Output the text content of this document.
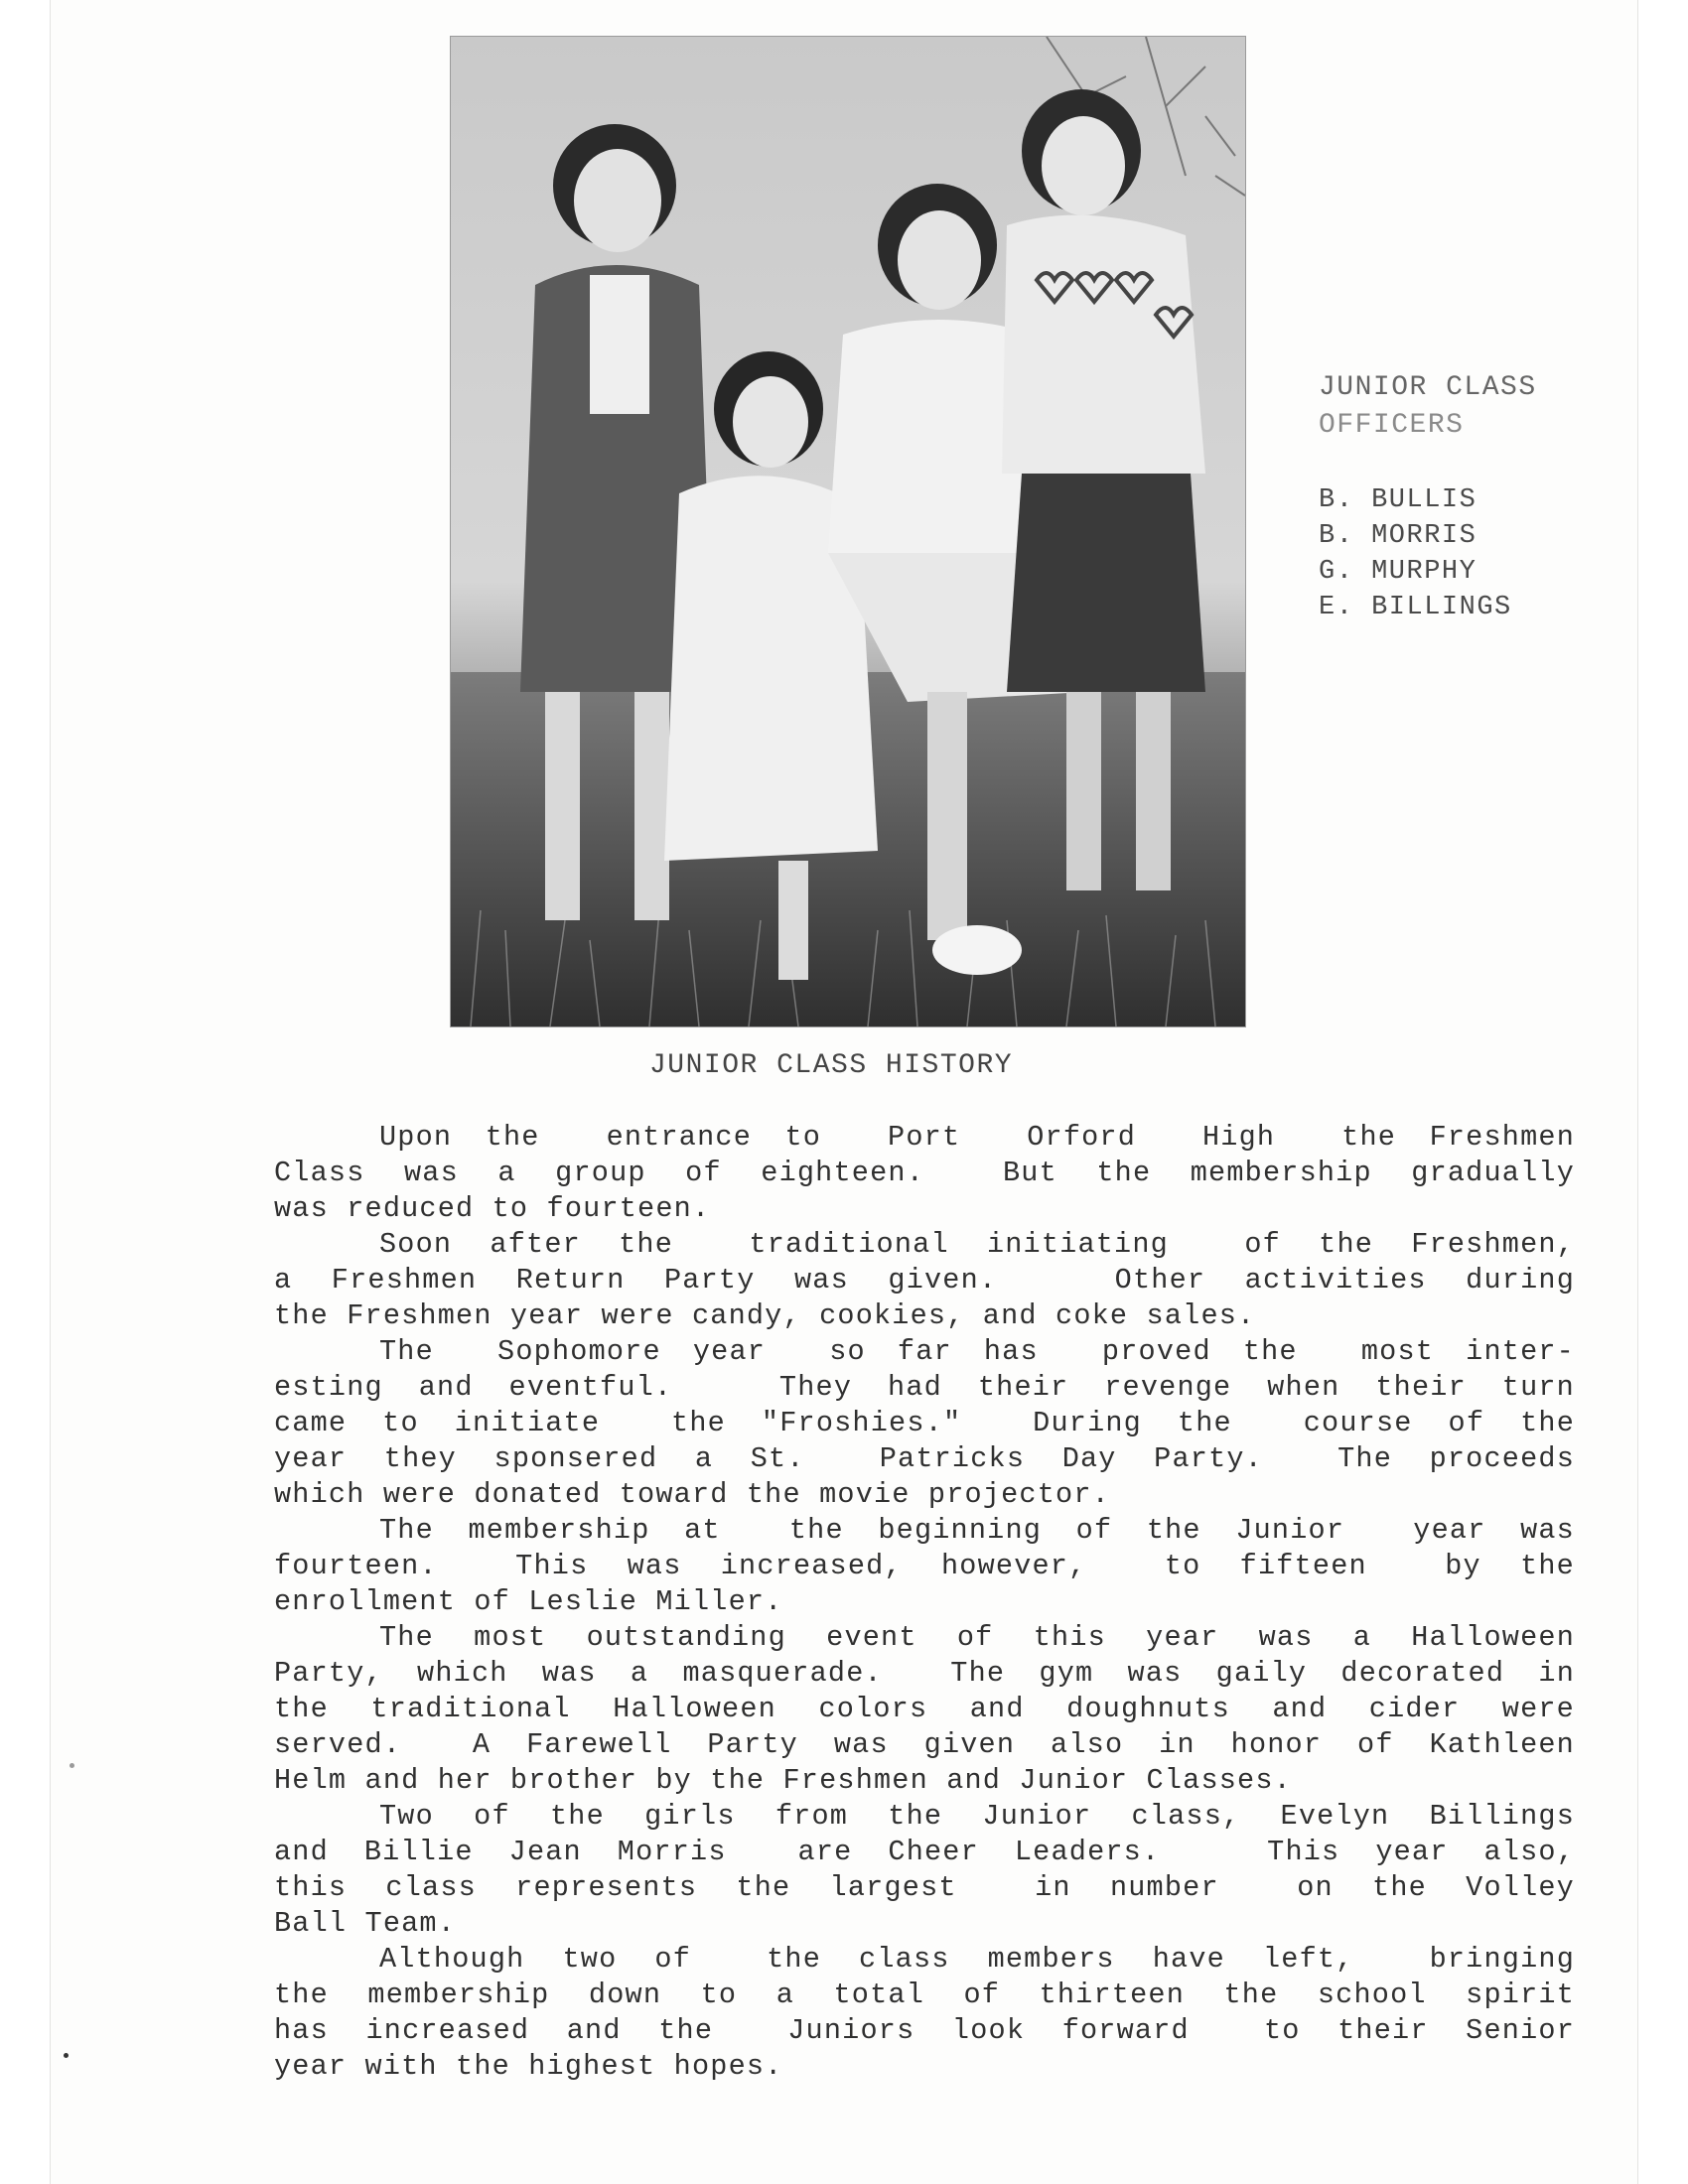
JUNIOR CLASS
OFFICERS
B. BULLIS
B. MORRIS
G. MURPHY
E. BILLINGS
JUNIOR CLASS HISTORY
Upon the  entrance to  Port  Orford  High  the Freshmen
Class was a group of eighteen.  But the membership gradually
was reduced to fourteen.
Soon after the  traditional initiating  of the Freshmen,
a Freshmen Return Party was given.   Other activities during
the Freshmen year were candy, cookies, and coke sales.
The  Sophomore year  so far has  proved the  most inter-
esting and eventful.   They had their revenge when their turn
came to initiate  the "Froshies."  During the  course of the
year they sponsered a St.  Patricks Day Party.  The proceeds
which were donated toward the movie projector.
The membership at  the beginning of the Junior  year was
fourteen.  This was increased, however,  to fifteen  by the
enrollment of Leslie Miller.
The most outstanding event of this year was a Halloween
Party, which was a masquerade.  The gym was gaily decorated in
the traditional Halloween colors and doughnuts and cider were
served.  A Farewell Party was given also in honor of Kathleen
Helm and her brother by the Freshmen and Junior Classes.
Two of the girls from the Junior class, Evelyn Billings
and Billie Jean Morris  are Cheer Leaders.   This year also,
this class represents the largest  in number  on the Volley
Ball Team.
Although two of  the class members have left,  bringing
the membership down to a total of thirteen the school spirit
has increased and the  Juniors look forward  to their Senior
year with the highest hopes.
